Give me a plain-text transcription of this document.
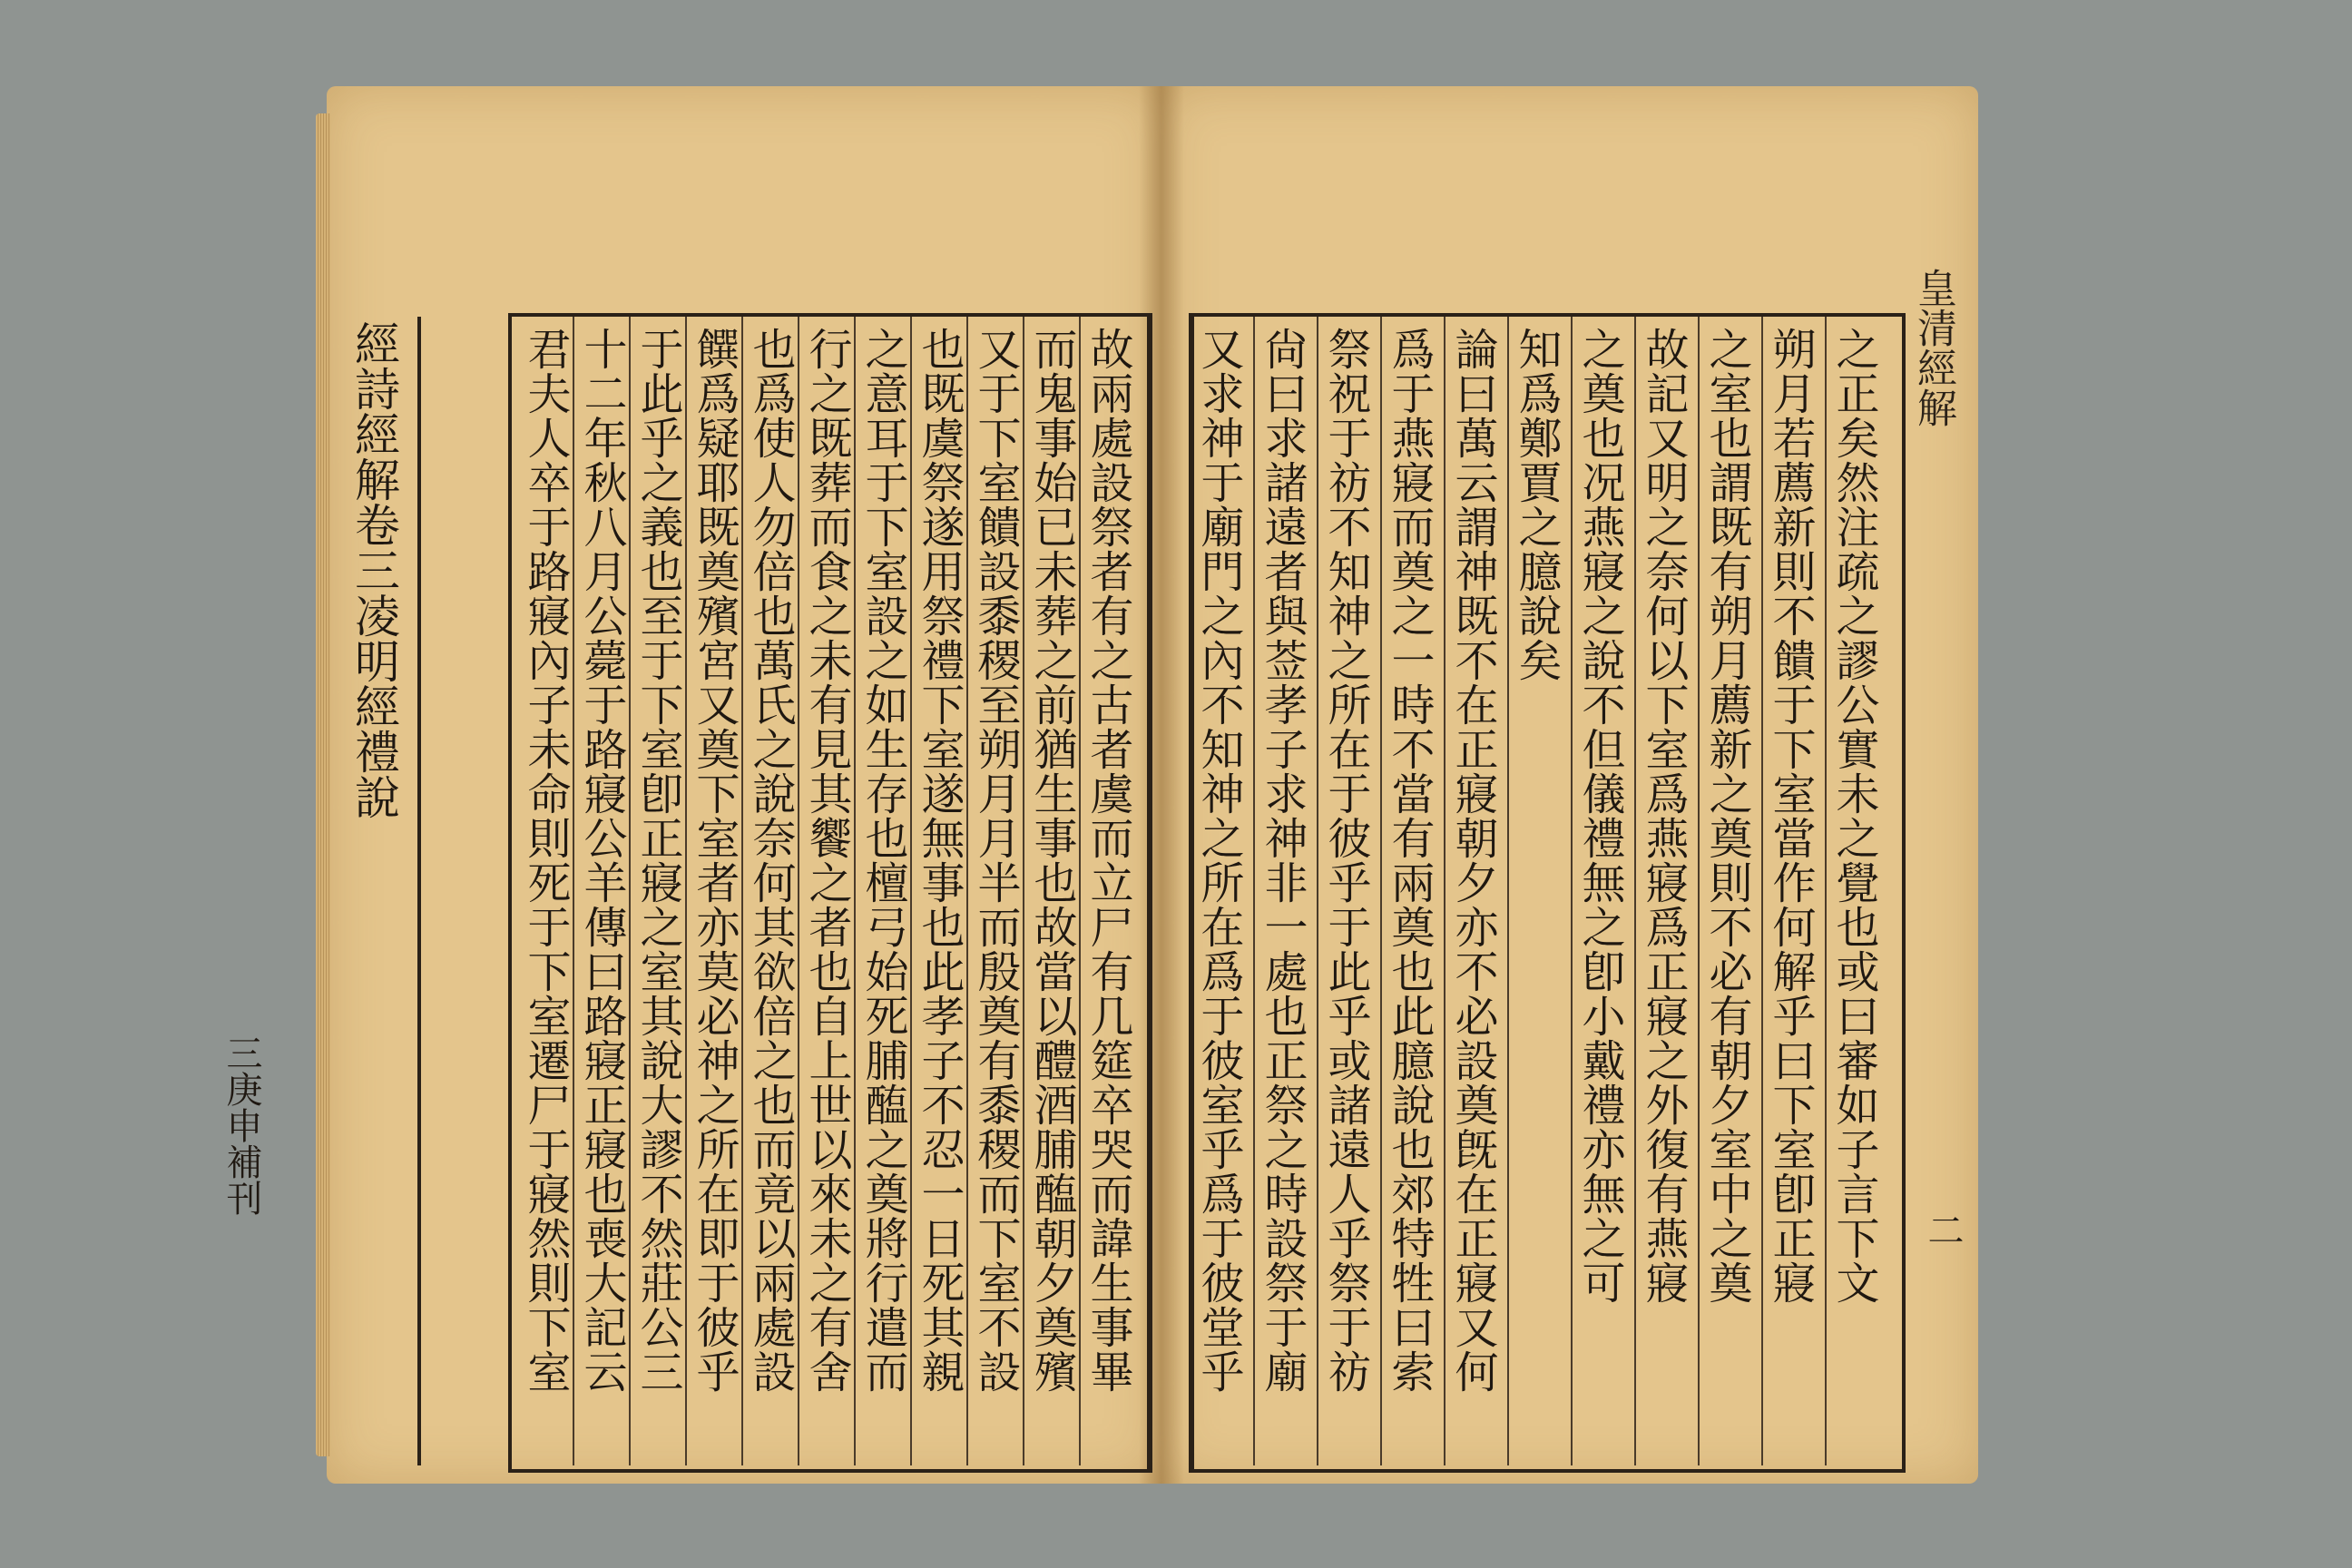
經詩經解卷三凌明經禮說	故兩處設祭者有之古者虞而立尸有几筵卒哭而諱生事畢
而鬼事始已未葬之前猶生事也故當以醴酒脯醢朝夕奠殯
又于下室饋設黍稷至朔月月半而殷奠有黍稷而下室不設
也既虞祭遂用祭禮下室遂無事也此孝子不忍一日死其親
之意耳于下室設之如生存也檀弓始死脯醢之奠將行遣而
行之既葬而食之未有見其饗之者也自上世以來未之有舍
也爲使人勿倍也萬氏之說奈何其欲倍之也而竟以兩處設
饌爲疑耶既奠殯宮又奠下室者亦莫必神之所在即于彼乎
于此乎之義也至于下室卽正寢之室其說大謬不然莊公三
十二年秋八月公薨于路寢公羊傳曰路寢正寢也喪大記云
君夫人卒于路寢內子未命則死于下室遷尸于寢然則下室	之正矣然注疏之謬公實未之覺也或曰審如子言下文
朔月若薦新則不饋于下室當作何解乎曰下室卽正寢
之室也謂既有朔月薦新之奠則不必有朝夕室中之奠
故記又明之奈何以下室爲燕寢爲正寢之外復有燕寢
之奠也况燕寢之說不但儀禮無之卽小戴禮亦無之可
知爲鄭賈之臆說矣
論曰萬云謂神既不在正寢朝夕亦不必設奠旣在正寢又何
爲于燕寢而奠之一時不當有兩奠也此臆說也郊特牲曰索
祭祝于祊不知神之所在于彼乎于此乎或諸遠人乎祭于祊
尙曰求諸遠者與莶孝子求神非一處也正祭之時設祭于廟
又求神于廟門之內不知神之所在爲于彼室乎爲于彼堂乎	皇清經解
二
三庚申補刊
